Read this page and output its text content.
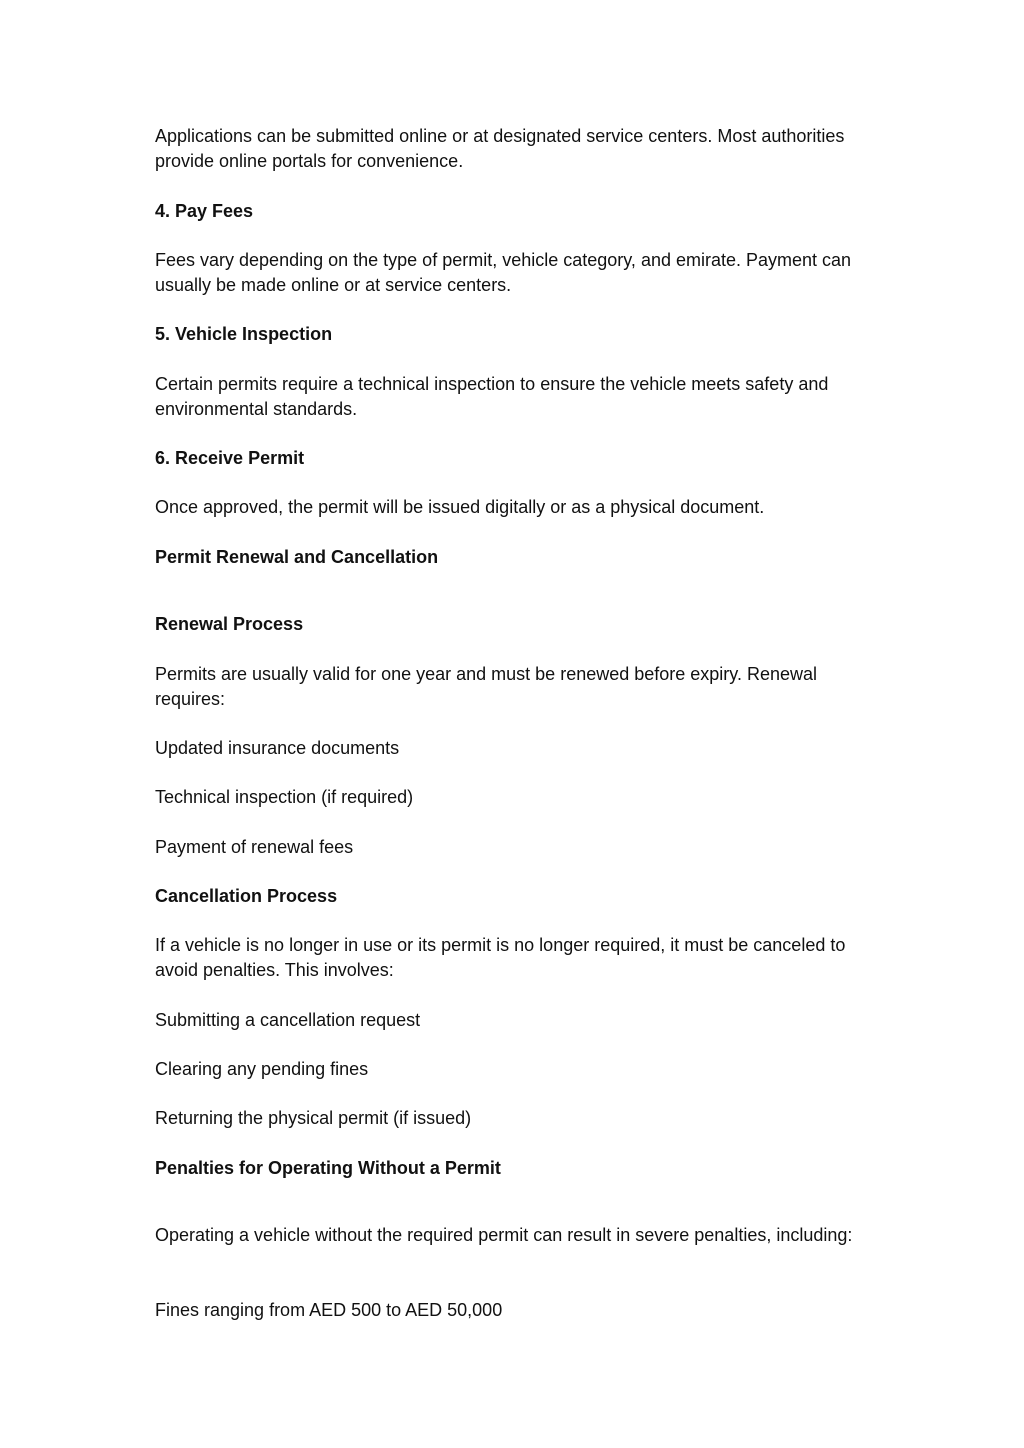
Applications can be submitted online or at designated service centers. Most authorities provide online portals for convenience.

4. Pay Fees

Fees vary depending on the type of permit, vehicle category, and emirate. Payment can usually be made online or at service centers.

5. Vehicle Inspection

Certain permits require a technical inspection to ensure the vehicle meets safety and environmental standards.

6. Receive Permit

Once approved, the permit will be issued digitally or as a physical document.

Permit Renewal and Cancellation

Renewal Process

Permits are usually valid for one year and must be renewed before expiry. Renewal requires:

Updated insurance documents

Technical inspection (if required)

Payment of renewal fees

Cancellation Process

If a vehicle is no longer in use or its permit is no longer required, it must be canceled to avoid penalties. This involves:

Submitting a cancellation request

Clearing any pending fines

Returning the physical permit (if issued)

Penalties for Operating Without a Permit

Operating a vehicle without the required permit can result in severe penalties, including:

Fines ranging from AED 500 to AED 50,000
